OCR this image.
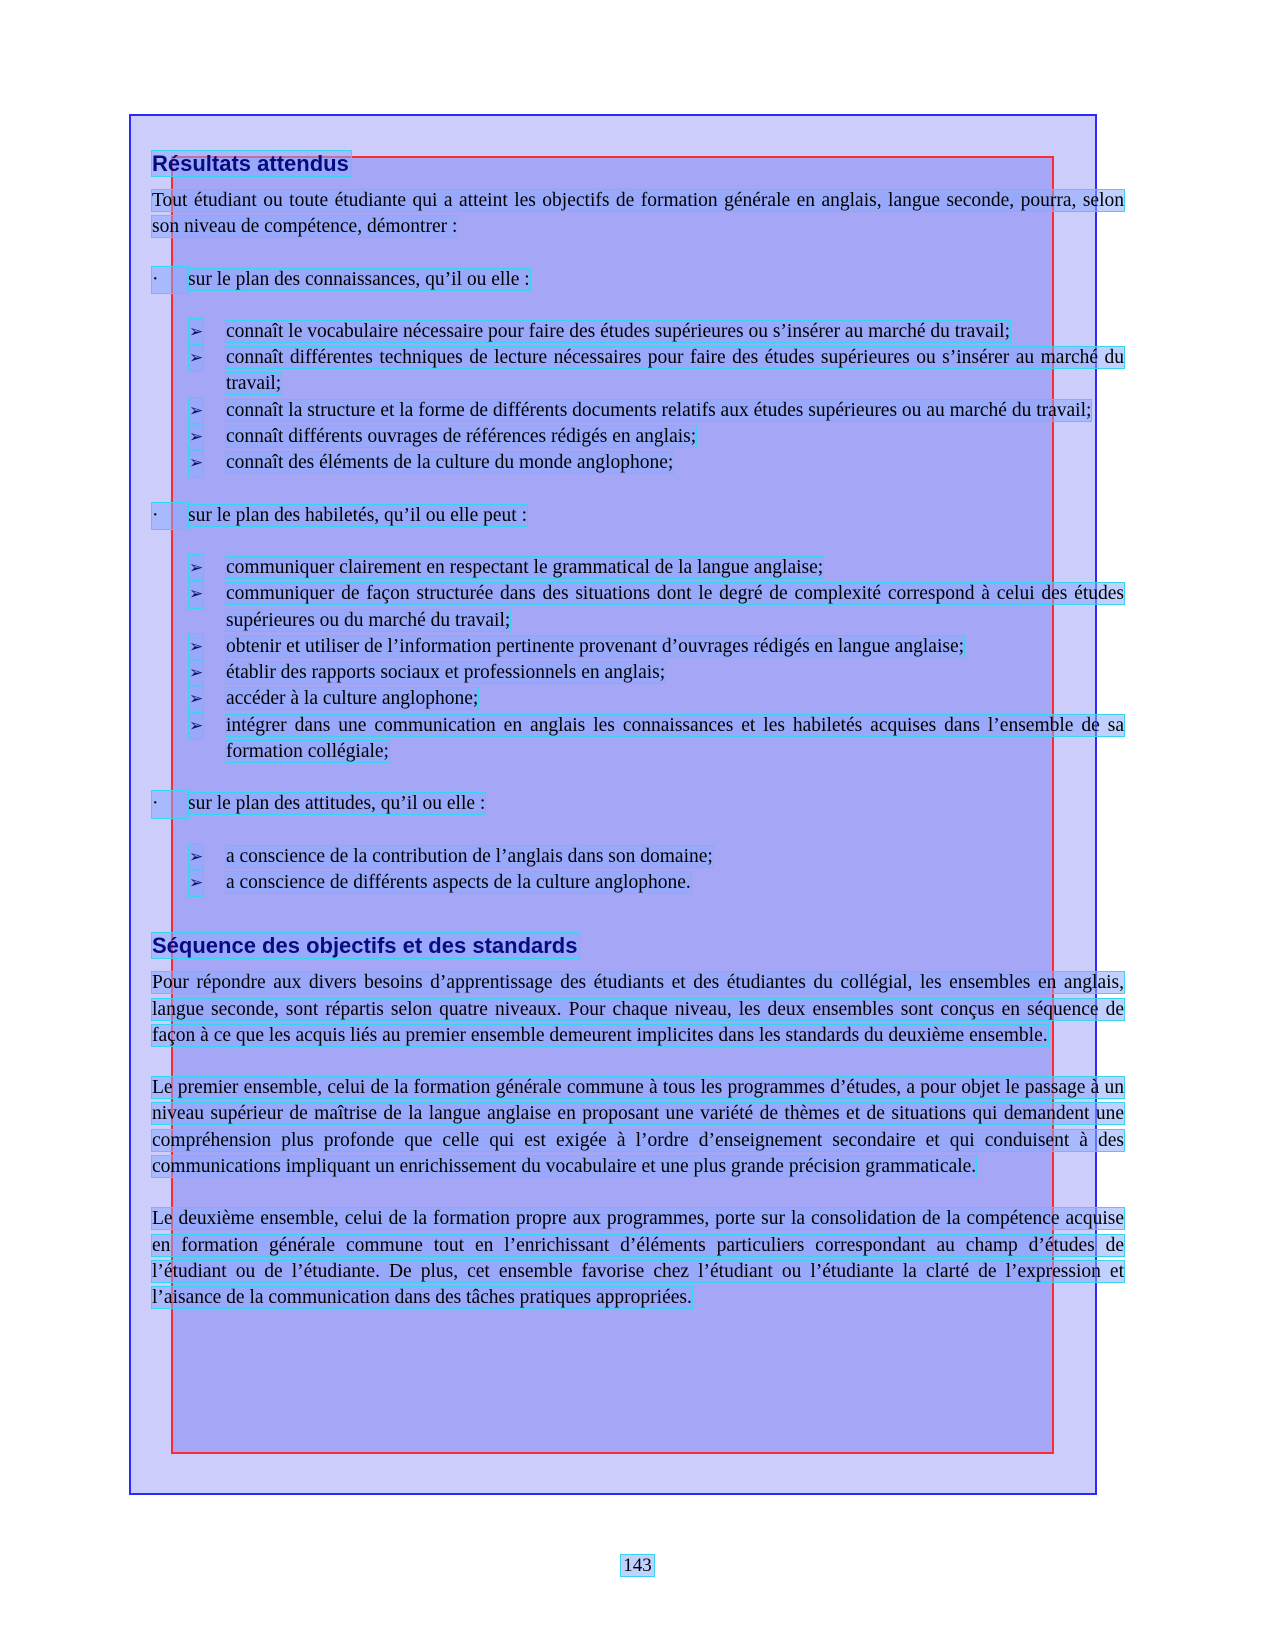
Résultats attendus

Tout étudiant ou toute étudiante qui a atteint les objectifs de formation générale en anglais, langue seconde, pourra, selon son niveau de compétence, démontrer :

·	sur le plan des connaissances, qu’il ou elle :
➢ connaît le vocabulaire nécessaire pour faire des études supérieures ou s’insérer au marché du travail;
➢ connaît différentes techniques de lecture nécessaires pour faire des études supérieures ou s’insérer au marché du travail;
➢ connaît la structure et la forme de différents documents relatifs aux études supérieures ou au marché du travail;
➢ connaît différents ouvrages de références rédigés en anglais;
➢ connaît des éléments de la culture du monde anglophone;
·	sur le plan des habiletés, qu’il ou elle peut :
➢ communiquer clairement en respectant le grammatical de la langue anglaise;
➢ communiquer de façon structurée dans des situations dont le degré de complexité correspond à celui des études supérieures ou du marché du travail;
➢ obtenir et utiliser de l’information pertinente provenant d’ouvrages rédigés en langue anglaise;
➢ établir des rapports sociaux et professionnels en anglais;
➢ accéder à la culture anglophone;
➢ intégrer dans une communication en anglais les connaissances et les habiletés acquises dans l’ensemble de sa formation collégiale;
·	sur le plan des attitudes, qu’il ou elle :
➢ a conscience de la contribution de l’anglais dans son domaine;
➢ a conscience de différents aspects de la culture anglophone.
Séquence des objectifs et des standards

Pour répondre aux divers besoins d’apprentissage des étudiants et des étudiantes du collégial, les ensembles en anglais, langue seconde, sont répartis selon quatre niveaux. Pour chaque niveau, les deux ensembles sont conçus en séquence de façon à ce que les acquis liés au premier ensemble demeurent implicites dans les standards du deuxième ensemble.

Le premier ensemble, celui de la formation générale commune à tous les programmes d’études, a pour objet le passage à un niveau supérieur de maîtrise de la langue anglaise en proposant une variété de thèmes et de situations qui demandent une compréhension plus profonde que celle qui est exigée à l’ordre d’enseignement secondaire et qui conduisent à des communications impliquant un enrichissement du vocabulaire et une plus grande précision grammaticale.

Le deuxième ensemble, celui de la formation propre aux programmes, porte sur la consolidation de la compétence acquise en formation générale commune tout en l’enrichissant d’éléments particuliers correspondant au champ d’études de l’étudiant ou de l’étudiante. De plus, cet ensemble favorise chez l’étudiant ou l’étudiante la clarté de l’expression et l’aisance de la communication dans des tâches pratiques appropriées.

143
